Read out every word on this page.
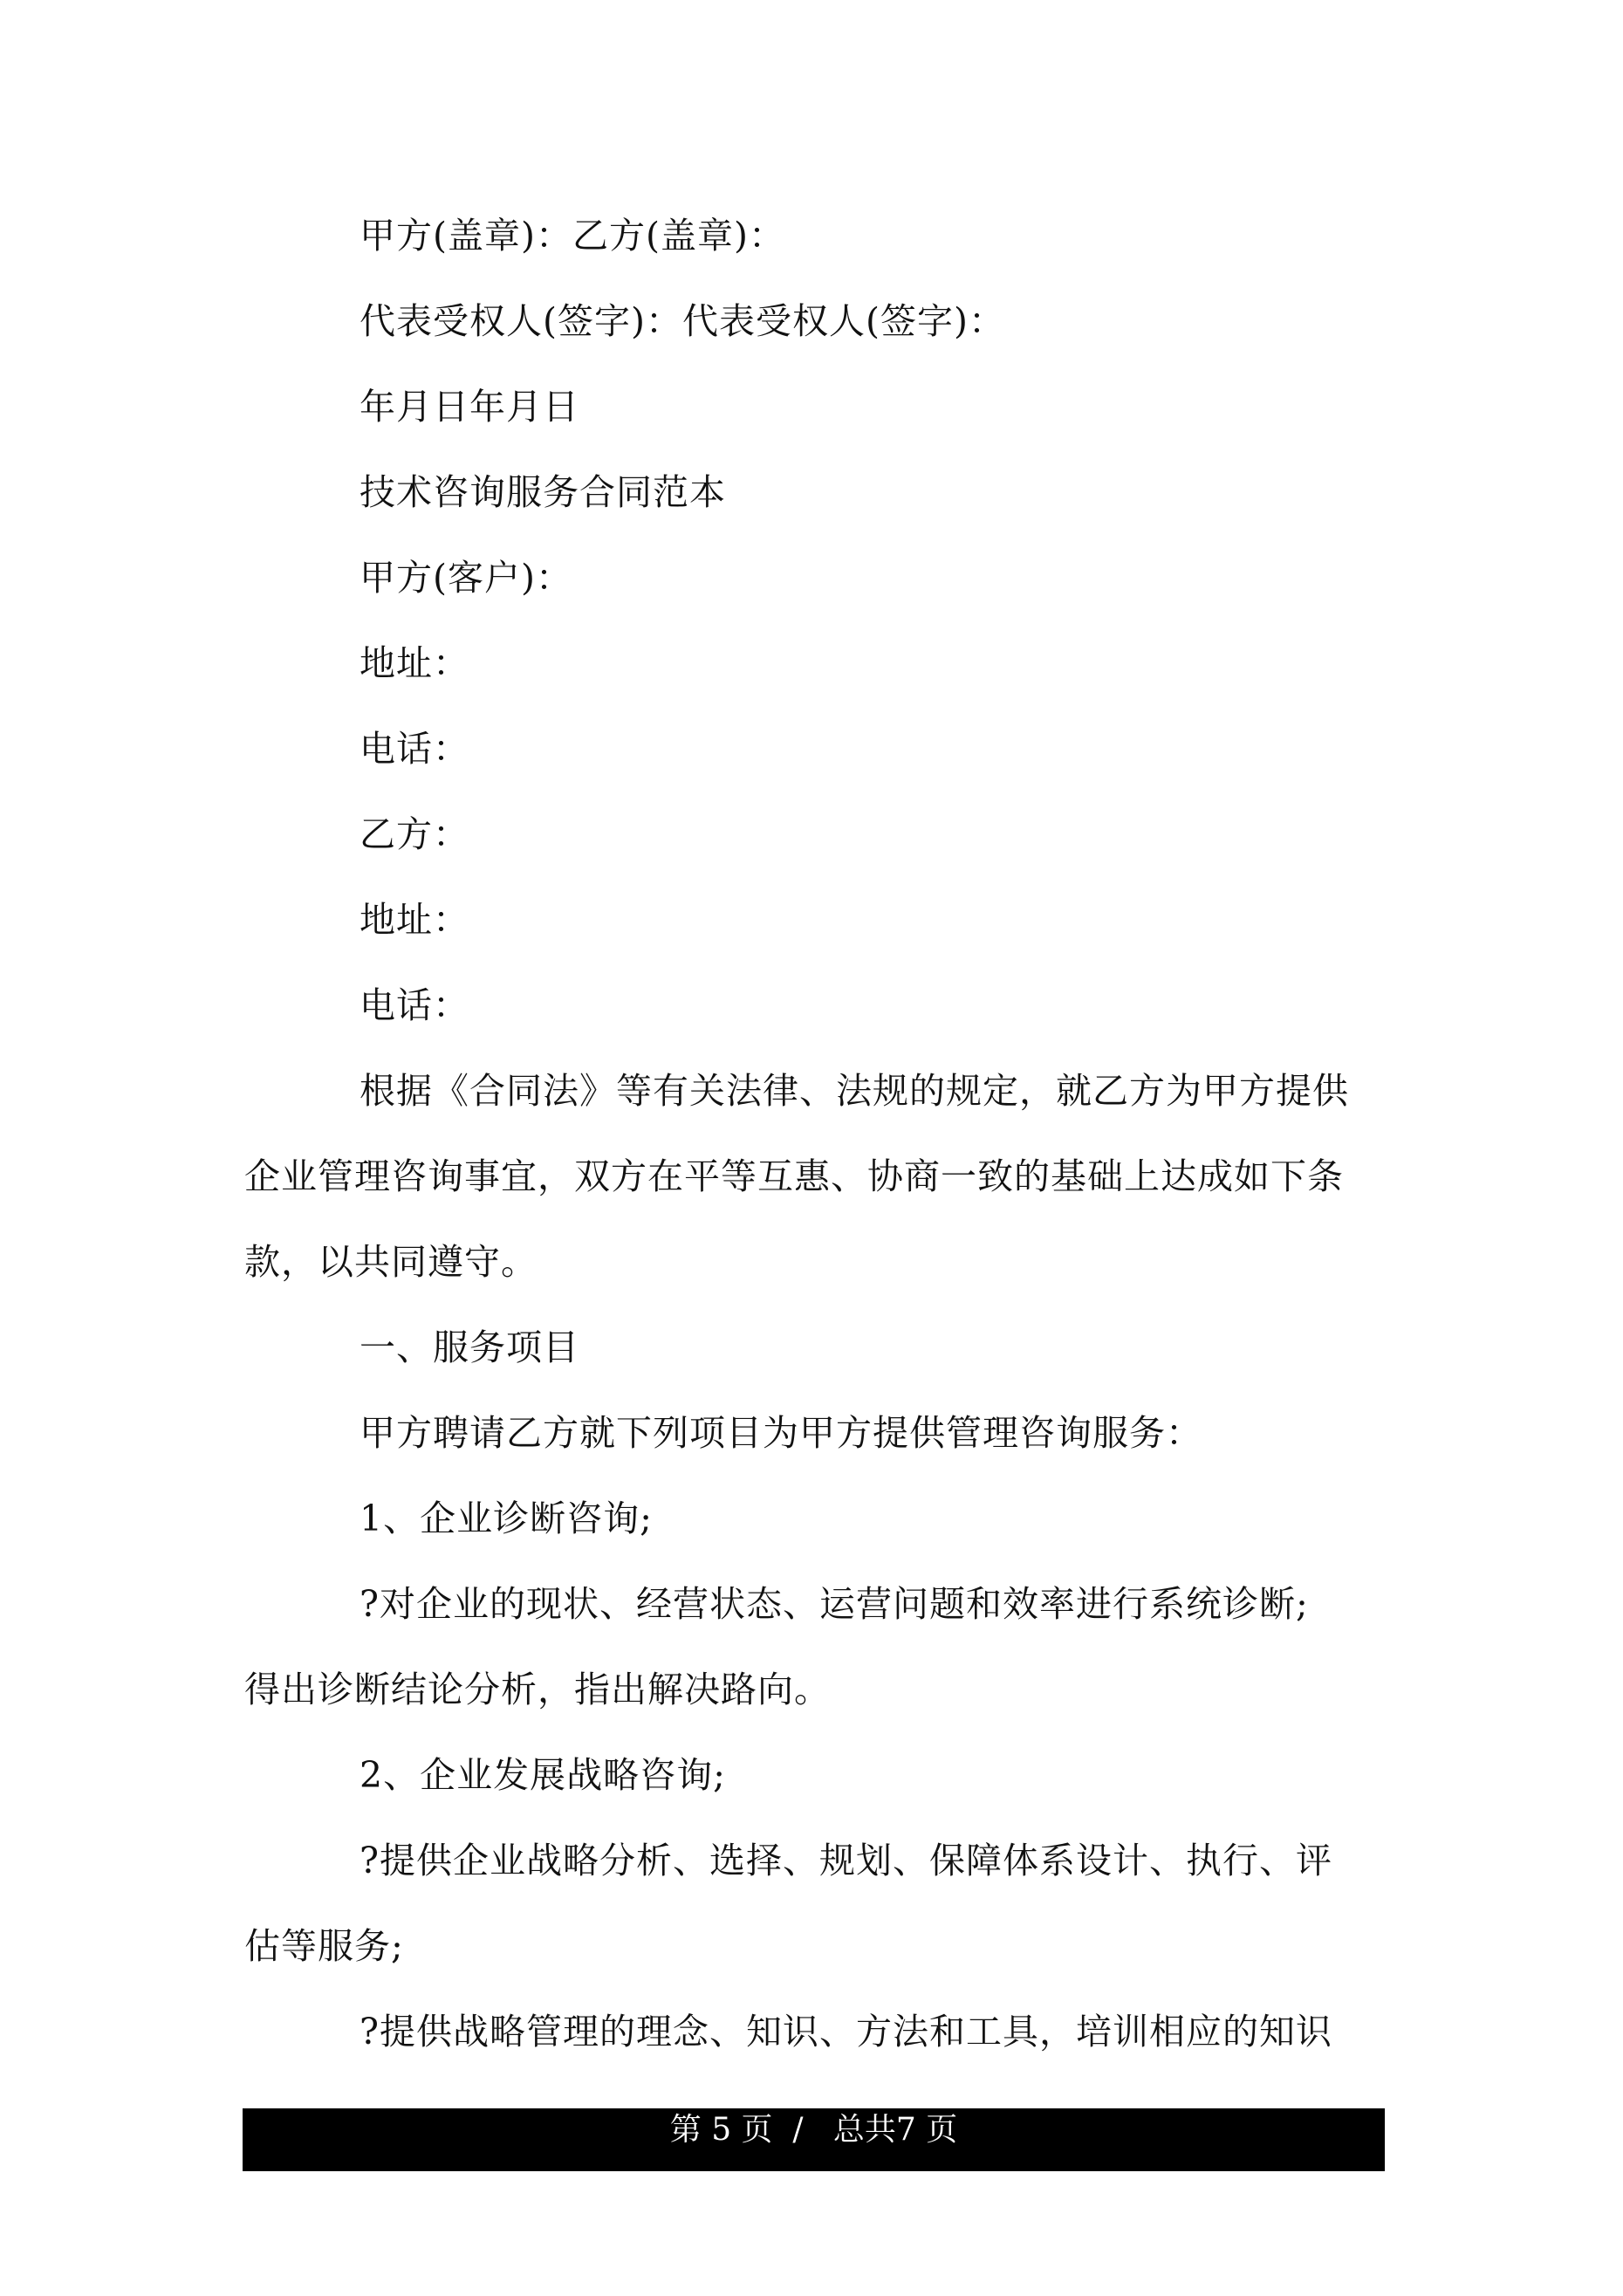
甲方(盖章)：乙方(盖章)：
代表受权人(签字)：代表受权人(签字)：
年月日年月日
技术咨询服务合同范本
甲方(客户)：
地址：
电话：
乙方：
地址：
电话：
根据《合同法》等有关法律、法规的规定，就乙方为甲方提供
企业管理咨询事宜，双方在平等互惠、协商一致的基础上达成如下条
款，以共同遵守。
一、服务项目
甲方聘请乙方就下列项目为甲方提供管理咨询服务：
1、企业诊断咨询;
?对企业的现状、经营状态、运营问题和效率进行系统诊断;
得出诊断结论分析，指出解决路向。
2、企业发展战略咨询;
?提供企业战略分析、选择、规划、保障体系设计、执行、评
估等服务;
?提供战略管理的理念、知识、方法和工具，培训相应的知识
第 5 页  /   总共7 页
